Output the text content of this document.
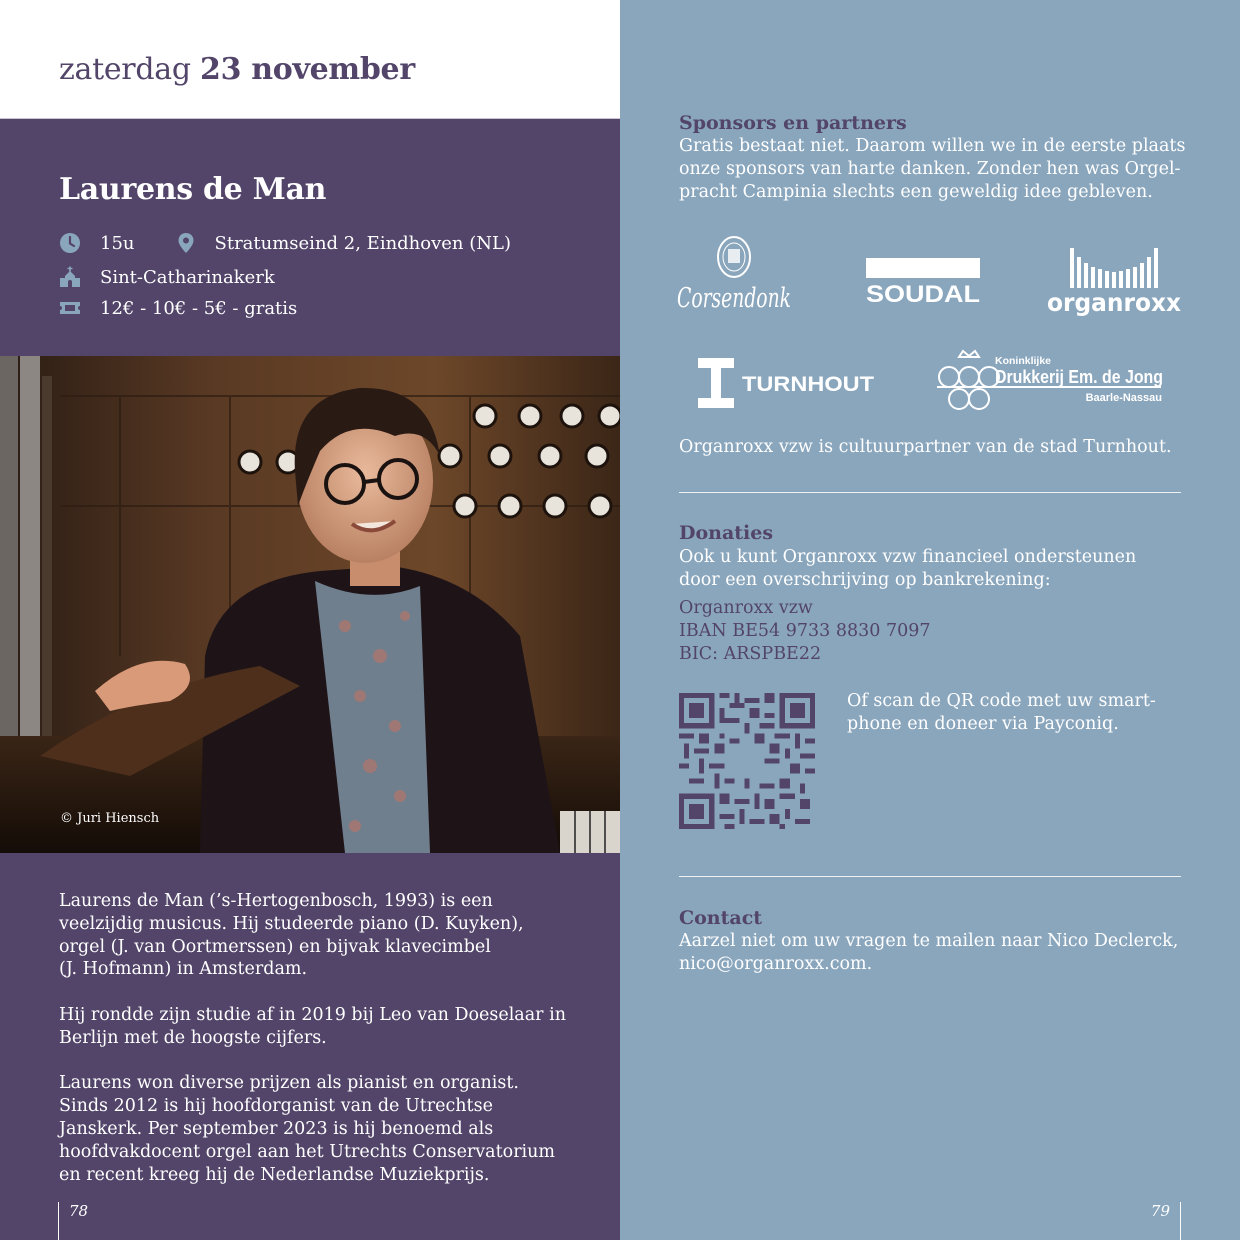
zaterdag 23 november
Laurens de Man
15u	Stratumseind 2, Eindhoven (NL)
Sint-Catharinakerk
12€ - 10€ - 5€ - gratis
© Juri Hiensch

Laurens de Man (’s-Hertogenbosch, 1993) is een
veelzijdig musicus. Hij studeerde piano (D. Kuyken),
orgel (J. van Oortmerssen) en bijvak klavecimbel
(J. Hofmann) in Amsterdam.

Hij rondde zijn studie af in 2019 bij Leo van Doeselaar in
Berlijn met de hoogste cijfers.

Laurens won diverse prijzen als pianist en organist.
Sinds 2012 is hij hoofdorganist van de Utrechtse
Janskerk. Per september 2023 is hij benoemd als
hoofdvakdocent orgel aan het Utrechts Conservatorium
en recent kreeg hij de Nederlandse Muziekprijs.

78
Sponsors en partners
Gratis bestaat niet. Daarom willen we in de eerste plaats
onze sponsors van harte danken. Zonder hen was Orgel-
pracht Campinia slechts een geweldig idee gebleven.
Corsendonk	SOUDAL	organroxx
TURNHOUT
Koninklijke
Drukkerij Em. de Jong
Baarle-Nassau
Organroxx vzw is cultuurpartner van de stad Turnhout.
Donaties
Ook u kunt Organroxx vzw financieel ondersteunen
door een overschrijving op bankrekening:
Organroxx vzw
IBAN BE54 9733 8830 7097
BIC: ARSPBE22
Of scan de QR code met uw smart-
phone en doneer via Payconiq.
Contact
Aarzel niet om uw vragen te mailen naar Nico Declerck,
nico@organroxx.com.
79
